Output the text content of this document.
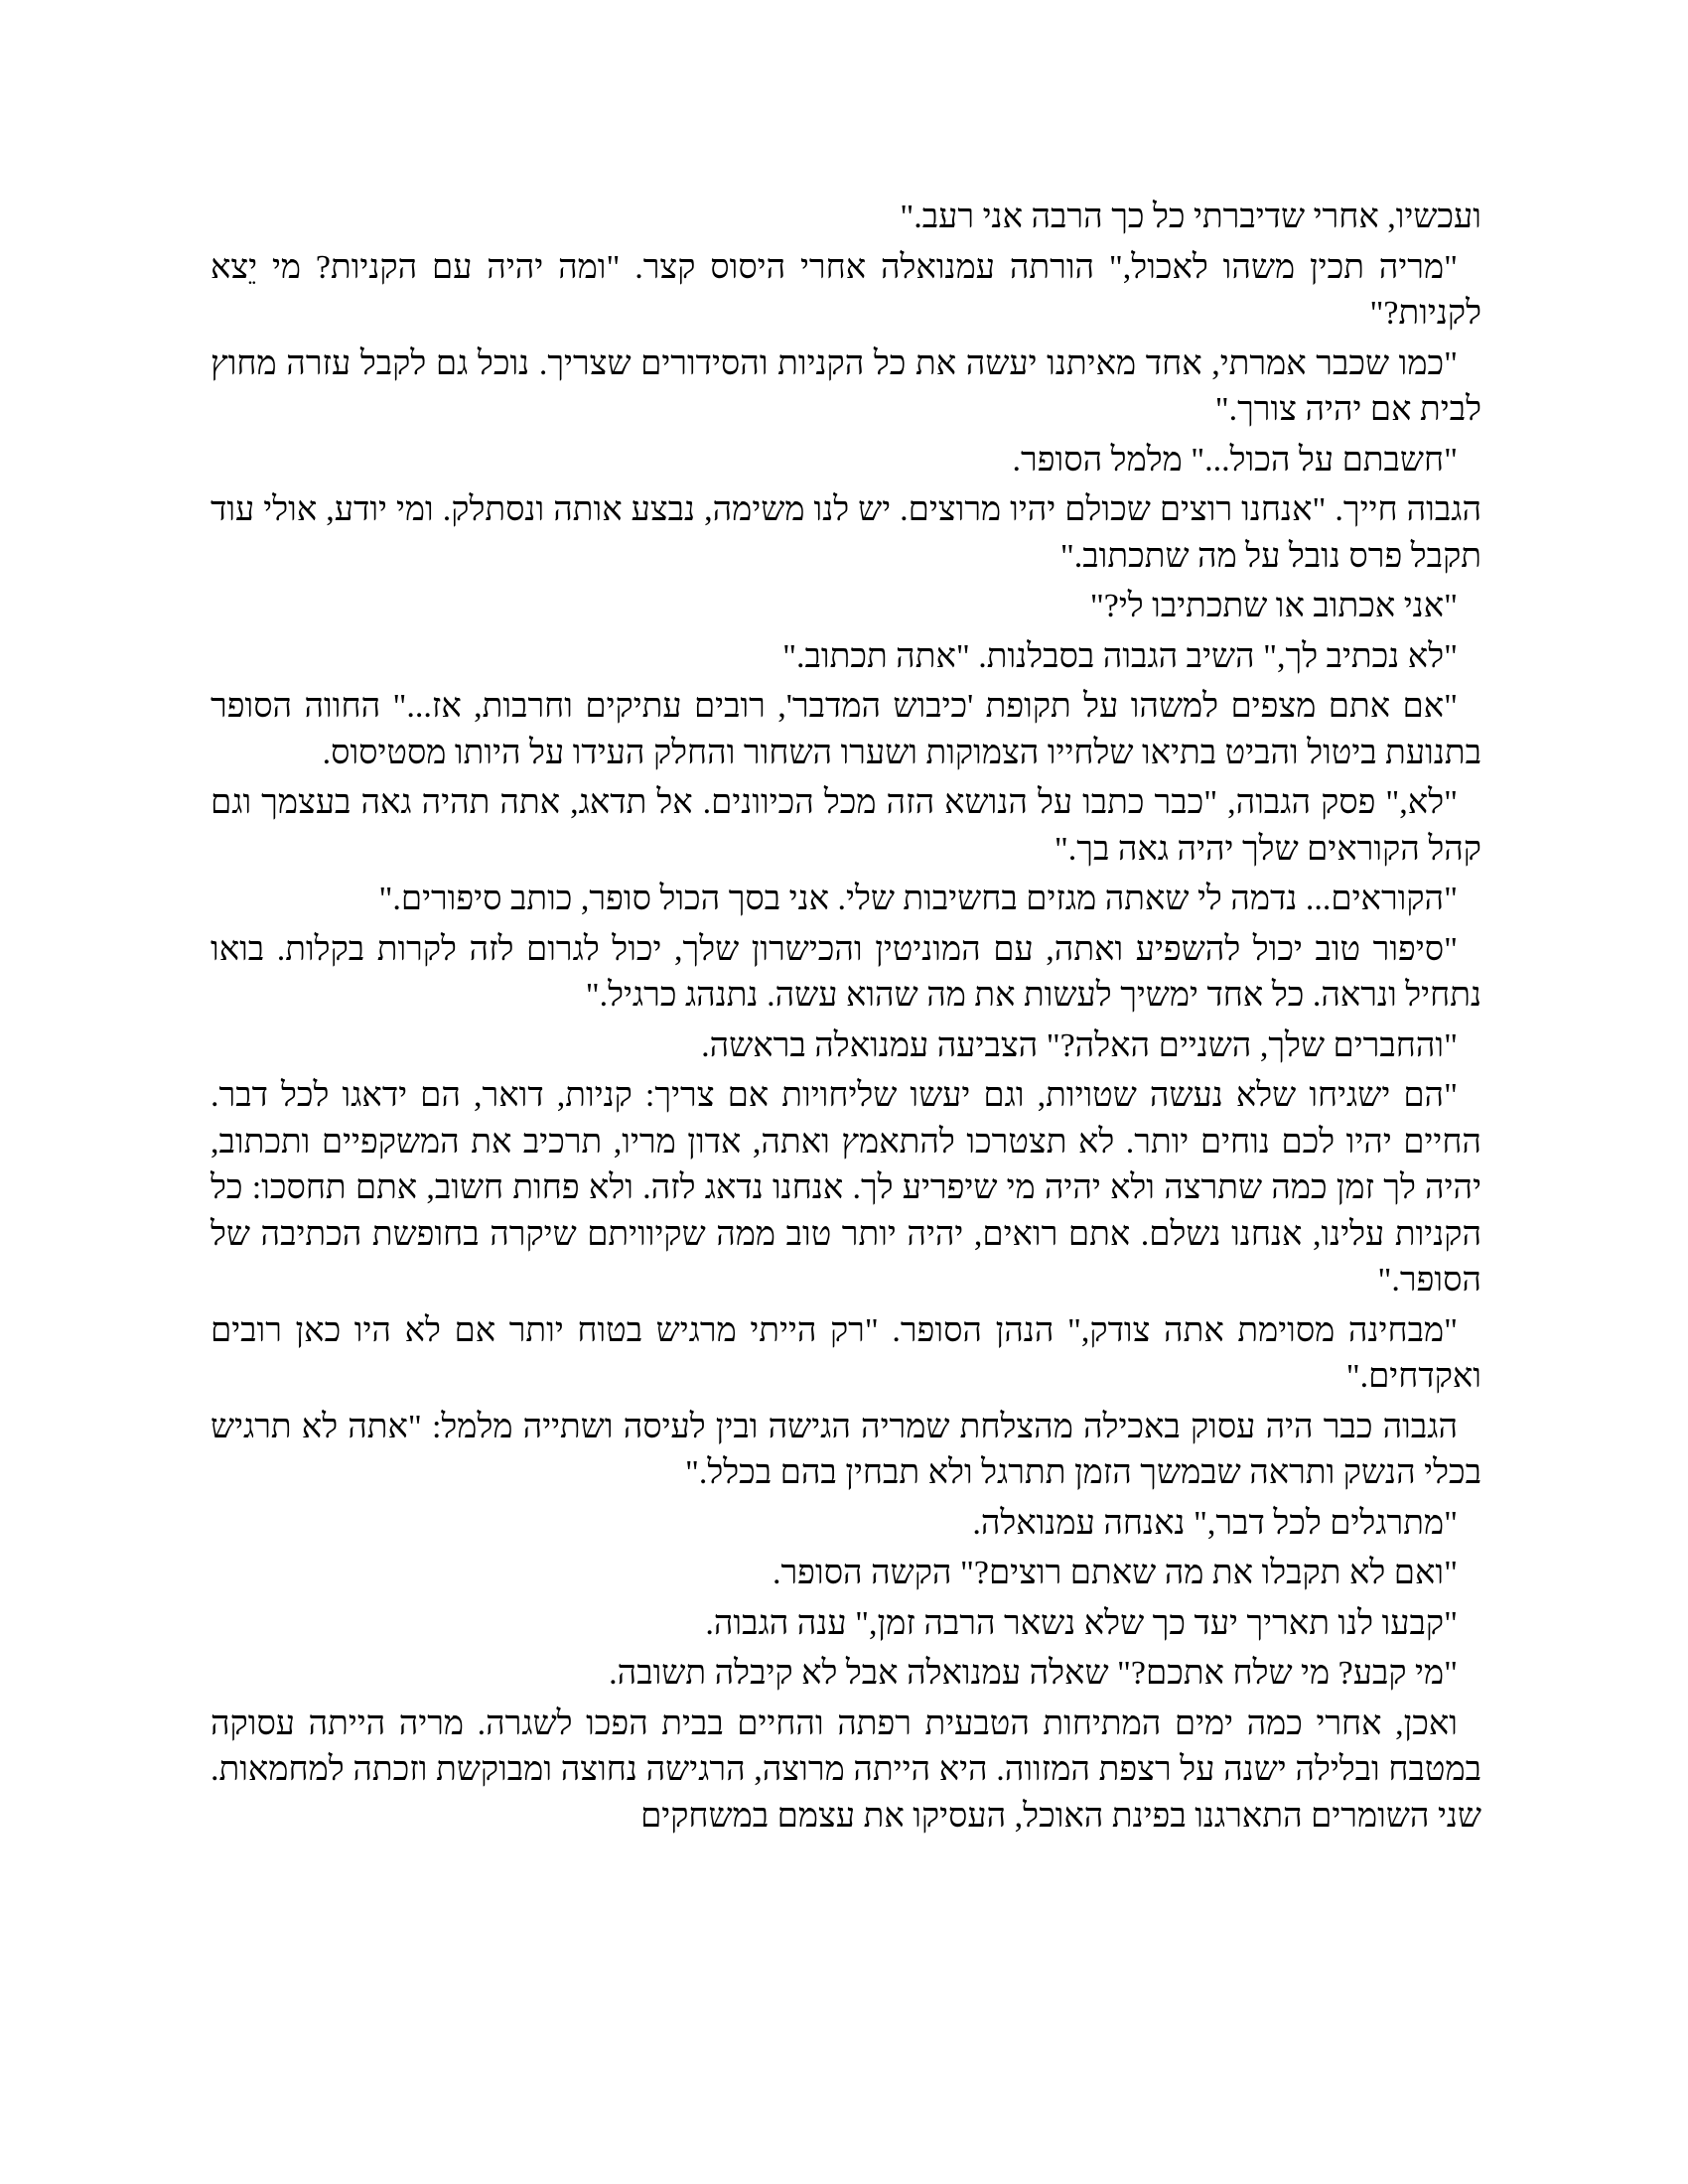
ועכשיו, אחרי שדיברתי כל כך הרבה אני רעב."

"מריה תכין משהו לאכול," הורתה עמנואלה אחרי היסוס קצר. "ומה יהיה עם הקניות? מי יֵצא לקניות?"

"כמו שכבר אמרתי, אחד מאיתנו יעשה את כל הקניות והסידורים שצריך. נוכל גם לקבל עזרה מחוץ לבית אם יהיה צורך."

"חשבתם על הכול..." מלמל הסופר.

הגבוה חייך. "אנחנו רוצים שכולם יהיו מרוצים. יש לנו משימה, נבצע אותה ונסתלק. ומי יודע, אולי עוד תקבל פרס נובל על מה שתכתוב."

"אני אכתוב או שתכתיבו לי?"

"לא נכתיב לך," השיב הגבוה בסבלנות. "אתה תכתוב."

"אם אתם מצפים למשהו על תקופת 'כיבוש המדבר', רובים עתיקים וחרבות, אז..." החווה הסופר בתנועת ביטול והביט בתיאו שלחייו הצמוקות ושערו השחור והחלק העידו על היותו מסטיסוס.

"לא," פסק הגבוה, "כבר כתבו על הנושא הזה מכל הכיוונים. אל תדאג, אתה תהיה גאה בעצמך וגם קהל הקוראים שלך יהיה גאה בך."

"הקוראים... נדמה לי שאתה מגזים בחשיבות שלי. אני בסך הכול סופר, כותב סיפורים."

"סיפור טוב יכול להשפיע ואתה, עם המוניטין והכישרון שלך, יכול לגרום לזה לקרות בקלות. בואו נתחיל ונראה. כל אחד ימשיך לעשות את מה שהוא עשה. נתנהג כרגיל."

"והחברים שלך, השניים האלה?" הצביעה עמנואלה בראשה.

"הם ישגיחו שלא נעשה שטויות, וגם יעשו שליחויות אם צריך: קניות, דואר, הם ידאגו לכל דבר. החיים יהיו לכם נוחים יותר. לא תצטרכו להתאמץ ואתה, אדון מריו, תרכיב את המשקפיים ותכתוב, יהיה לך זמן כמה שתרצה ולא יהיה מי שיפריע לך. אנחנו נדאג לזה. ולא פחות חשוב, אתם תחסכו: כל הקניות עלינו, אנחנו נשלם. אתם רואים, יהיה יותר טוב ממה שקיוויתם שיקרה בחופשת הכתיבה של הסופר."

"מבחינה מסוימת אתה צודק," הנהן הסופר. "רק הייתי מרגיש בטוח יותר אם לא היו כאן רובים ואקדחים."

הגבוה כבר היה עסוק באכילה מהצלחת שמריה הגישה ובין לעיסה ושתייה מלמל: "אתה לא תרגיש בכלי הנשק ותראה שבמשך הזמן תתרגל ולא תבחין בהם בכלל."

"מתרגלים לכל דבר," נאנחה עמנואלה.

"ואם לא תקבלו את מה שאתם רוצים?" הקשה הסופר.

"קבעו לנו תאריך יעד כך שלא נשאר הרבה זמן," ענה הגבוה.

"מי קבע? מי שלח אתכם?" שאלה עמנואלה אבל לא קיבלה תשובה.

ואכן, אחרי כמה ימים המתיחות הטבעית רפתה והחיים בבית הפכו לשגרה. מריה הייתה עסוקה במטבח ובלילה ישנה על רצפת המזווה. היא הייתה מרוצה, הרגישה נחוצה ומבוקשת וזכתה למחמאות. שני השומרים התארגנו בפינת האוכל, העסיקו את עצמם במשחקים
